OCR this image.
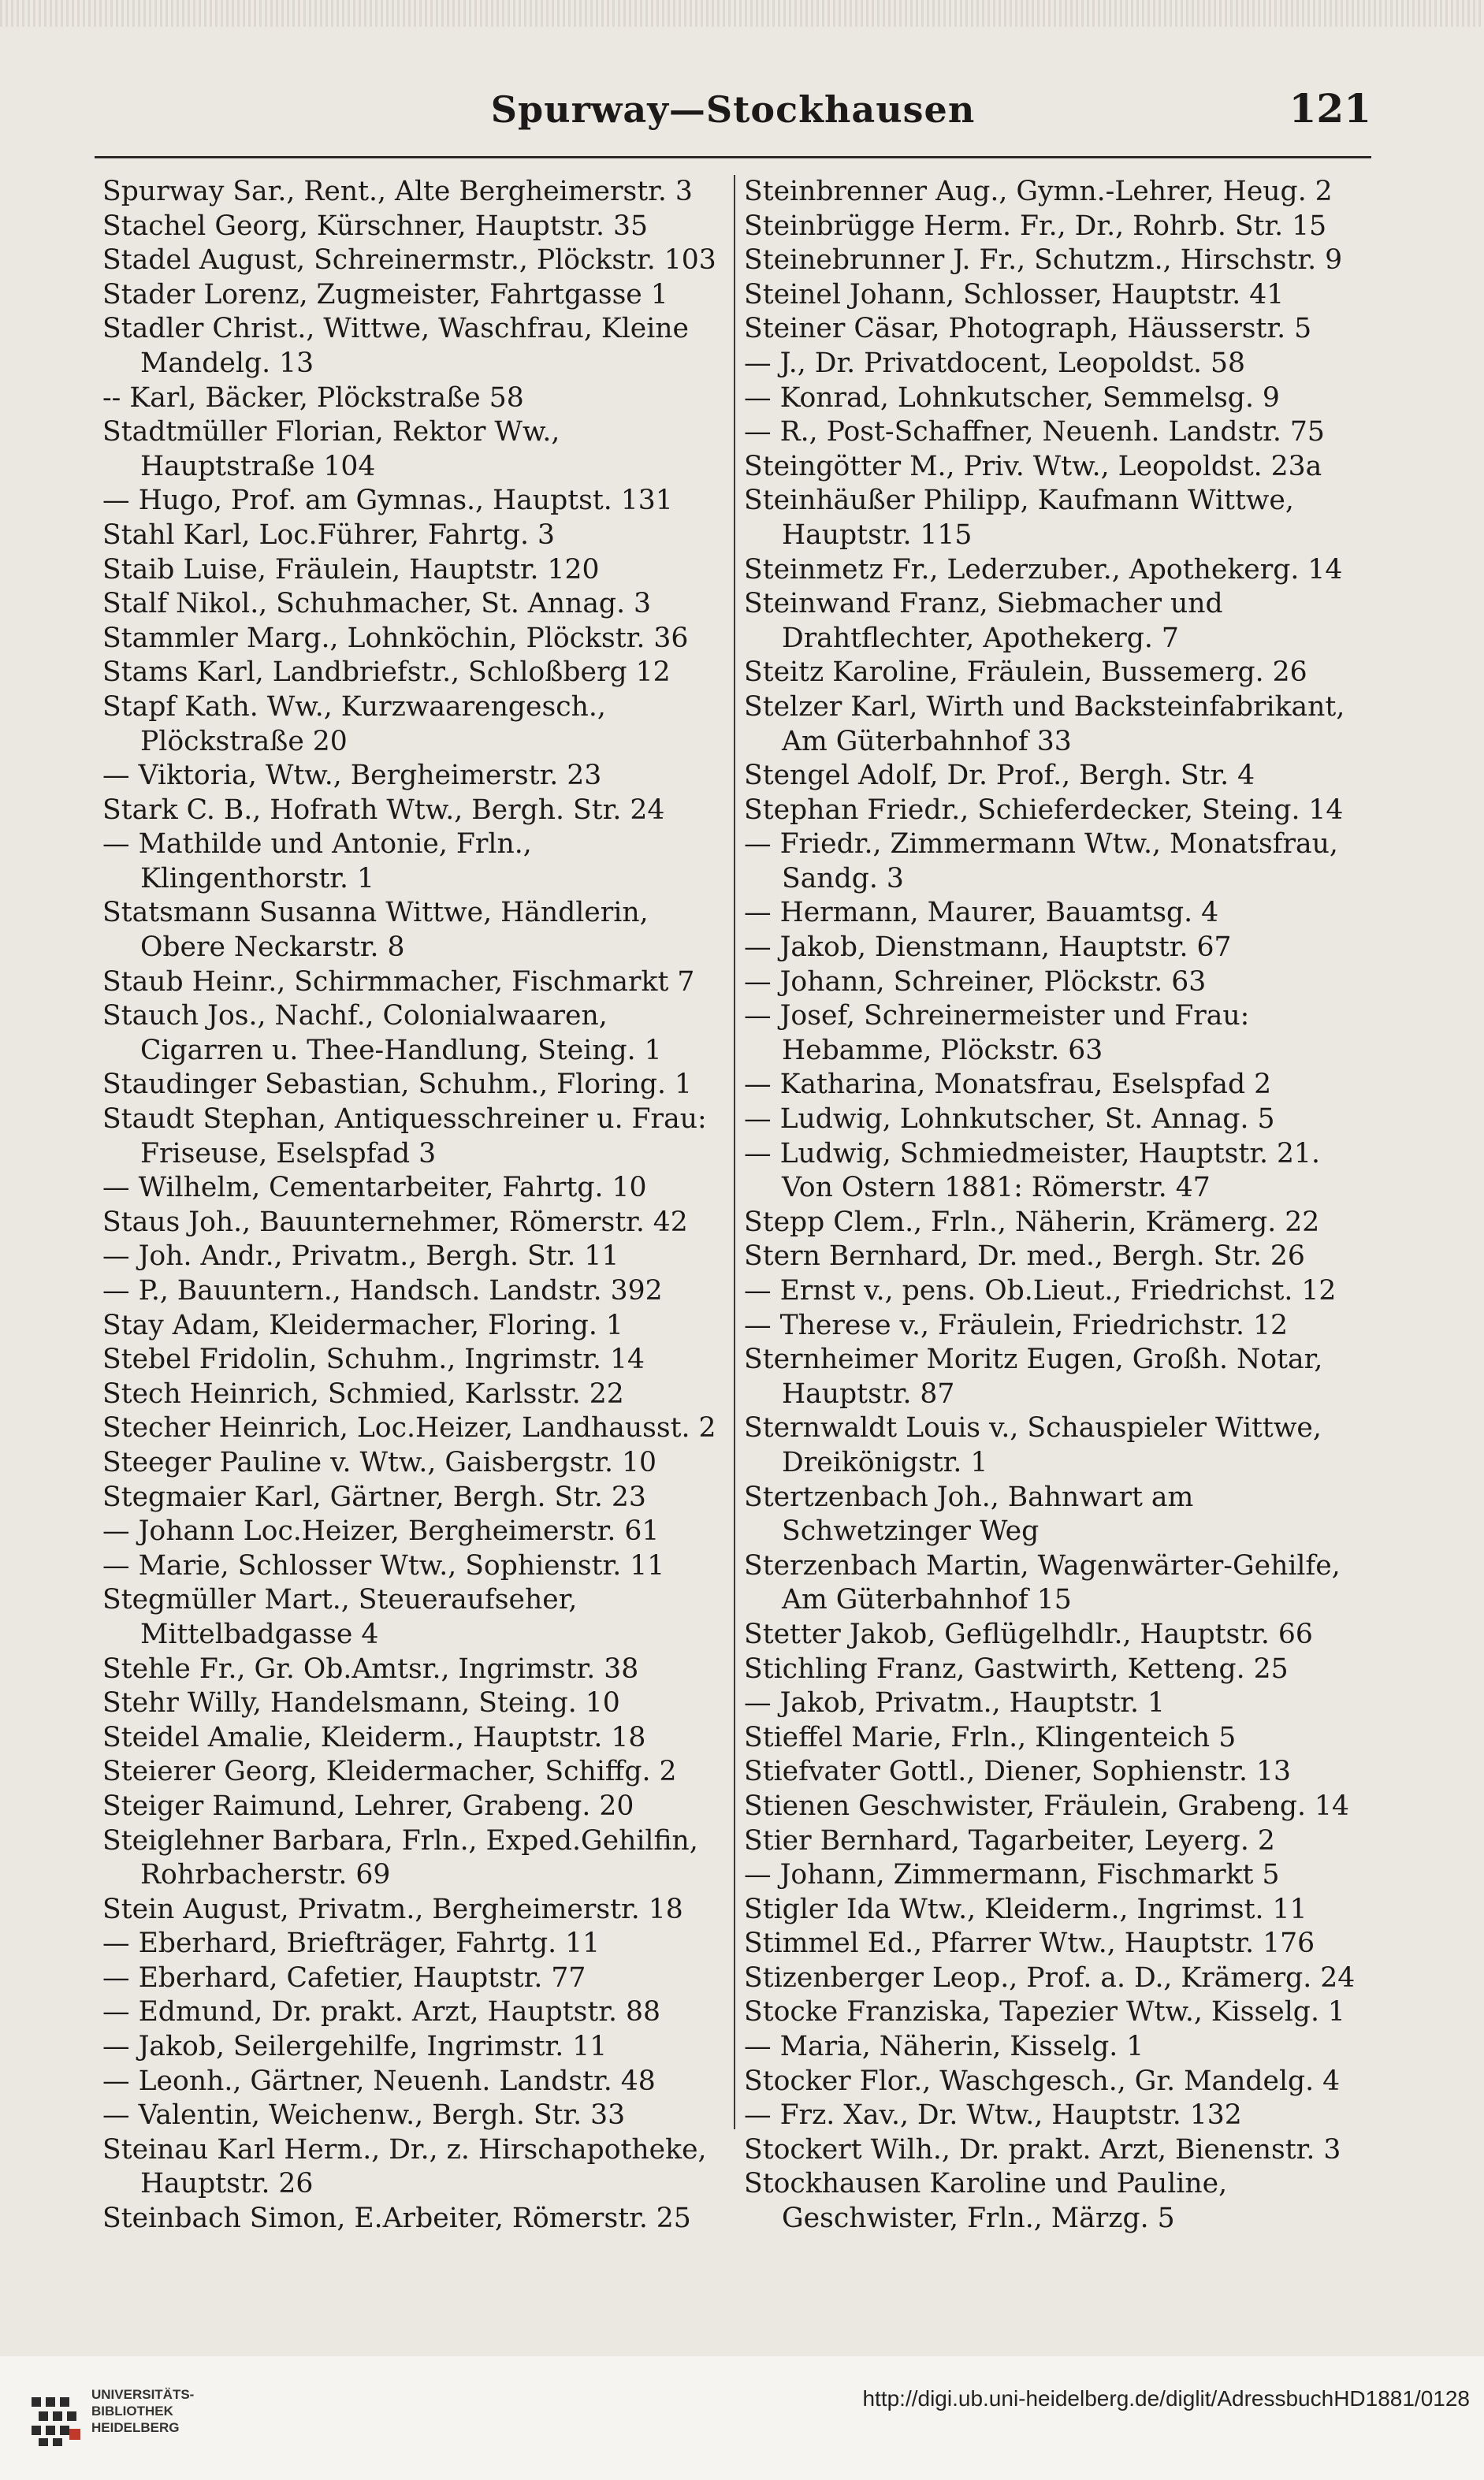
Spurway—Stockhausen	121

Spurway Sar., Rent., Alte Bergheimerstr. 3

Stachel Georg, Kürschner, Hauptstr. 35

Stadel August, Schreinermstr., Plöckstr. 103

Stader Lorenz, Zugmeister, Fahrtgasse 1

Stadler Christ., Wittwe, Waschfrau, Kleine Mandelg. 13

-- Karl, Bäcker, Plöckstraße 58

Stadtmüller Florian, Rektor Ww., Hauptstraße 104

— Hugo, Prof. am Gymnas., Hauptst. 131

Stahl Karl, Loc.Führer, Fahrtg. 3

Staib Luise, Fräulein, Hauptstr. 120

Stalf Nikol., Schuhmacher, St. Annag. 3

Stammler Marg., Lohnköchin, Plöckstr. 36

Stams Karl, Landbriefstr., Schloßberg 12

Stapf Kath. Ww., Kurzwaarengesch., Plöckstraße 20

— Viktoria, Wtw., Bergheimerstr. 23

Stark C. B., Hofrath Wtw., Bergh. Str. 24

— Mathilde und Antonie, Frln., Klingenthorstr. 1

Statsmann Susanna Wittwe, Händlerin, Obere Neckarstr. 8

Staub Heinr., Schirmmacher, Fischmarkt 7

Stauch Jos., Nachf., Colonialwaaren, Cigarren u. Thee-Handlung, Steing. 1

Staudinger Sebastian, Schuhm., Floring. 1

Staudt Stephan, Antiquesschreiner u. Frau: Friseuse, Eselspfad 3

— Wilhelm, Cementarbeiter, Fahrtg. 10

Staus Joh., Bauunternehmer, Römerstr. 42

— Joh. Andr., Privatm., Bergh. Str. 11

— P., Bauuntern., Handsch. Landstr. 392

Stay Adam, Kleidermacher, Floring. 1

Stebel Fridolin, Schuhm., Ingrimstr. 14

Stech Heinrich, Schmied, Karlsstr. 22

Stecher Heinrich, Loc.Heizer, Landhausst. 2

Steeger Pauline v. Wtw., Gaisbergstr. 10

Stegmaier Karl, Gärtner, Bergh. Str. 23

— Johann Loc.Heizer, Bergheimerstr. 61

— Marie, Schlosser Wtw., Sophienstr. 11

Stegmüller Mart., Steueraufseher, Mittelbadgasse 4

Stehle Fr., Gr. Ob.Amtsr., Ingrimstr. 38

Stehr Willy, Handelsmann, Steing. 10

Steidel Amalie, Kleiderm., Hauptstr. 18

Steierer Georg, Kleidermacher, Schiffg. 2

Steiger Raimund, Lehrer, Grabeng. 20

Steiglehner Barbara, Frln., Exped.Gehilfin, Rohrbacherstr. 69

Stein August, Privatm., Bergheimerstr. 18

— Eberhard, Briefträger, Fahrtg. 11

— Eberhard, Cafetier, Hauptstr. 77

— Edmund, Dr. prakt. Arzt, Hauptstr. 88

— Jakob, Seilergehilfe, Ingrimstr. 11

— Leonh., Gärtner, Neuenh. Landstr. 48

— Valentin, Weichenw., Bergh. Str. 33

Steinau Karl Herm., Dr., z. Hirschapotheke, Hauptstr. 26

Steinbach Simon, E.Arbeiter, Römerstr. 25

Steinbrenner Aug., Gymn.-Lehrer, Heug. 2

Steinbrügge Herm. Fr., Dr., Rohrb. Str. 15

Steinebrunner J. Fr., Schutzm., Hirschstr. 9

Steinel Johann, Schlosser, Hauptstr. 41

Steiner Cäsar, Photograph, Häusserstr. 5

— J., Dr. Privatdocent, Leopoldst. 58

— Konrad, Lohnkutscher, Semmelsg. 9

— R., Post-Schaffner, Neuenh. Landstr. 75

Steingötter M., Priv. Wtw., Leopoldst. 23a

Steinhäußer Philipp, Kaufmann Wittwe, Hauptstr. 115

Steinmetz Fr., Lederzuber., Apothekerg. 14

Steinwand Franz, Siebmacher und Drahtflechter, Apothekerg. 7

Steitz Karoline, Fräulein, Bussemerg. 26

Stelzer Karl, Wirth und Backsteinfabrikant, Am Güterbahnhof 33

Stengel Adolf, Dr. Prof., Bergh. Str. 4

Stephan Friedr., Schieferdecker, Steing. 14

— Friedr., Zimmermann Wtw., Monatsfrau, Sandg. 3

— Hermann, Maurer, Bauamtsg. 4

— Jakob, Dienstmann, Hauptstr. 67

— Johann, Schreiner, Plöckstr. 63

— Josef, Schreinermeister und Frau: Hebamme, Plöckstr. 63

— Katharina, Monatsfrau, Eselspfad 2

— Ludwig, Lohnkutscher, St. Annag. 5

— Ludwig, Schmiedmeister, Hauptstr. 21. Von Ostern 1881: Römerstr. 47

Stepp Clem., Frln., Näherin, Krämerg. 22

Stern Bernhard, Dr. med., Bergh. Str. 26

— Ernst v., pens. Ob.Lieut., Friedrichst. 12

— Therese v., Fräulein, Friedrichstr. 12

Sternheimer Moritz Eugen, Großh. Notar, Hauptstr. 87

Sternwaldt Louis v., Schauspieler Wittwe, Dreikönigstr. 1

Stertzenbach Joh., Bahnwart am Schwetzinger Weg

Sterzenbach Martin, Wagenwärter-Gehilfe, Am Güterbahnhof 15

Stetter Jakob, Geflügelhdlr., Hauptstr. 66

Stichling Franz, Gastwirth, Ketteng. 25

— Jakob, Privatm., Hauptstr. 1

Stieffel Marie, Frln., Klingenteich 5

Stiefvater Gottl., Diener, Sophienstr. 13

Stienen Geschwister, Fräulein, Grabeng. 14

Stier Bernhard, Tagarbeiter, Leyerg. 2

— Johann, Zimmermann, Fischmarkt 5

Stigler Ida Wtw., Kleiderm., Ingrimst. 11

Stimmel Ed., Pfarrer Wtw., Hauptstr. 176

Stizenberger Leop., Prof. a. D., Krämerg. 24

Stocke Franziska, Tapezier Wtw., Kisselg. 1

— Maria, Näherin, Kisselg. 1

Stocker Flor., Waschgesch., Gr. Mandelg. 4

— Frz. Xav., Dr. Wtw., Hauptstr. 132

Stockert Wilh., Dr. prakt. Arzt, Bienenstr. 3

Stockhausen Karoline und Pauline, Geschwister, Frln., Märzg. 5

UNIVERSITÄTS-
BIBLIOTHEK
HEIDELBERG
http://digi.ub.uni-heidelberg.de/diglit/AdressbuchHD1881/0128
